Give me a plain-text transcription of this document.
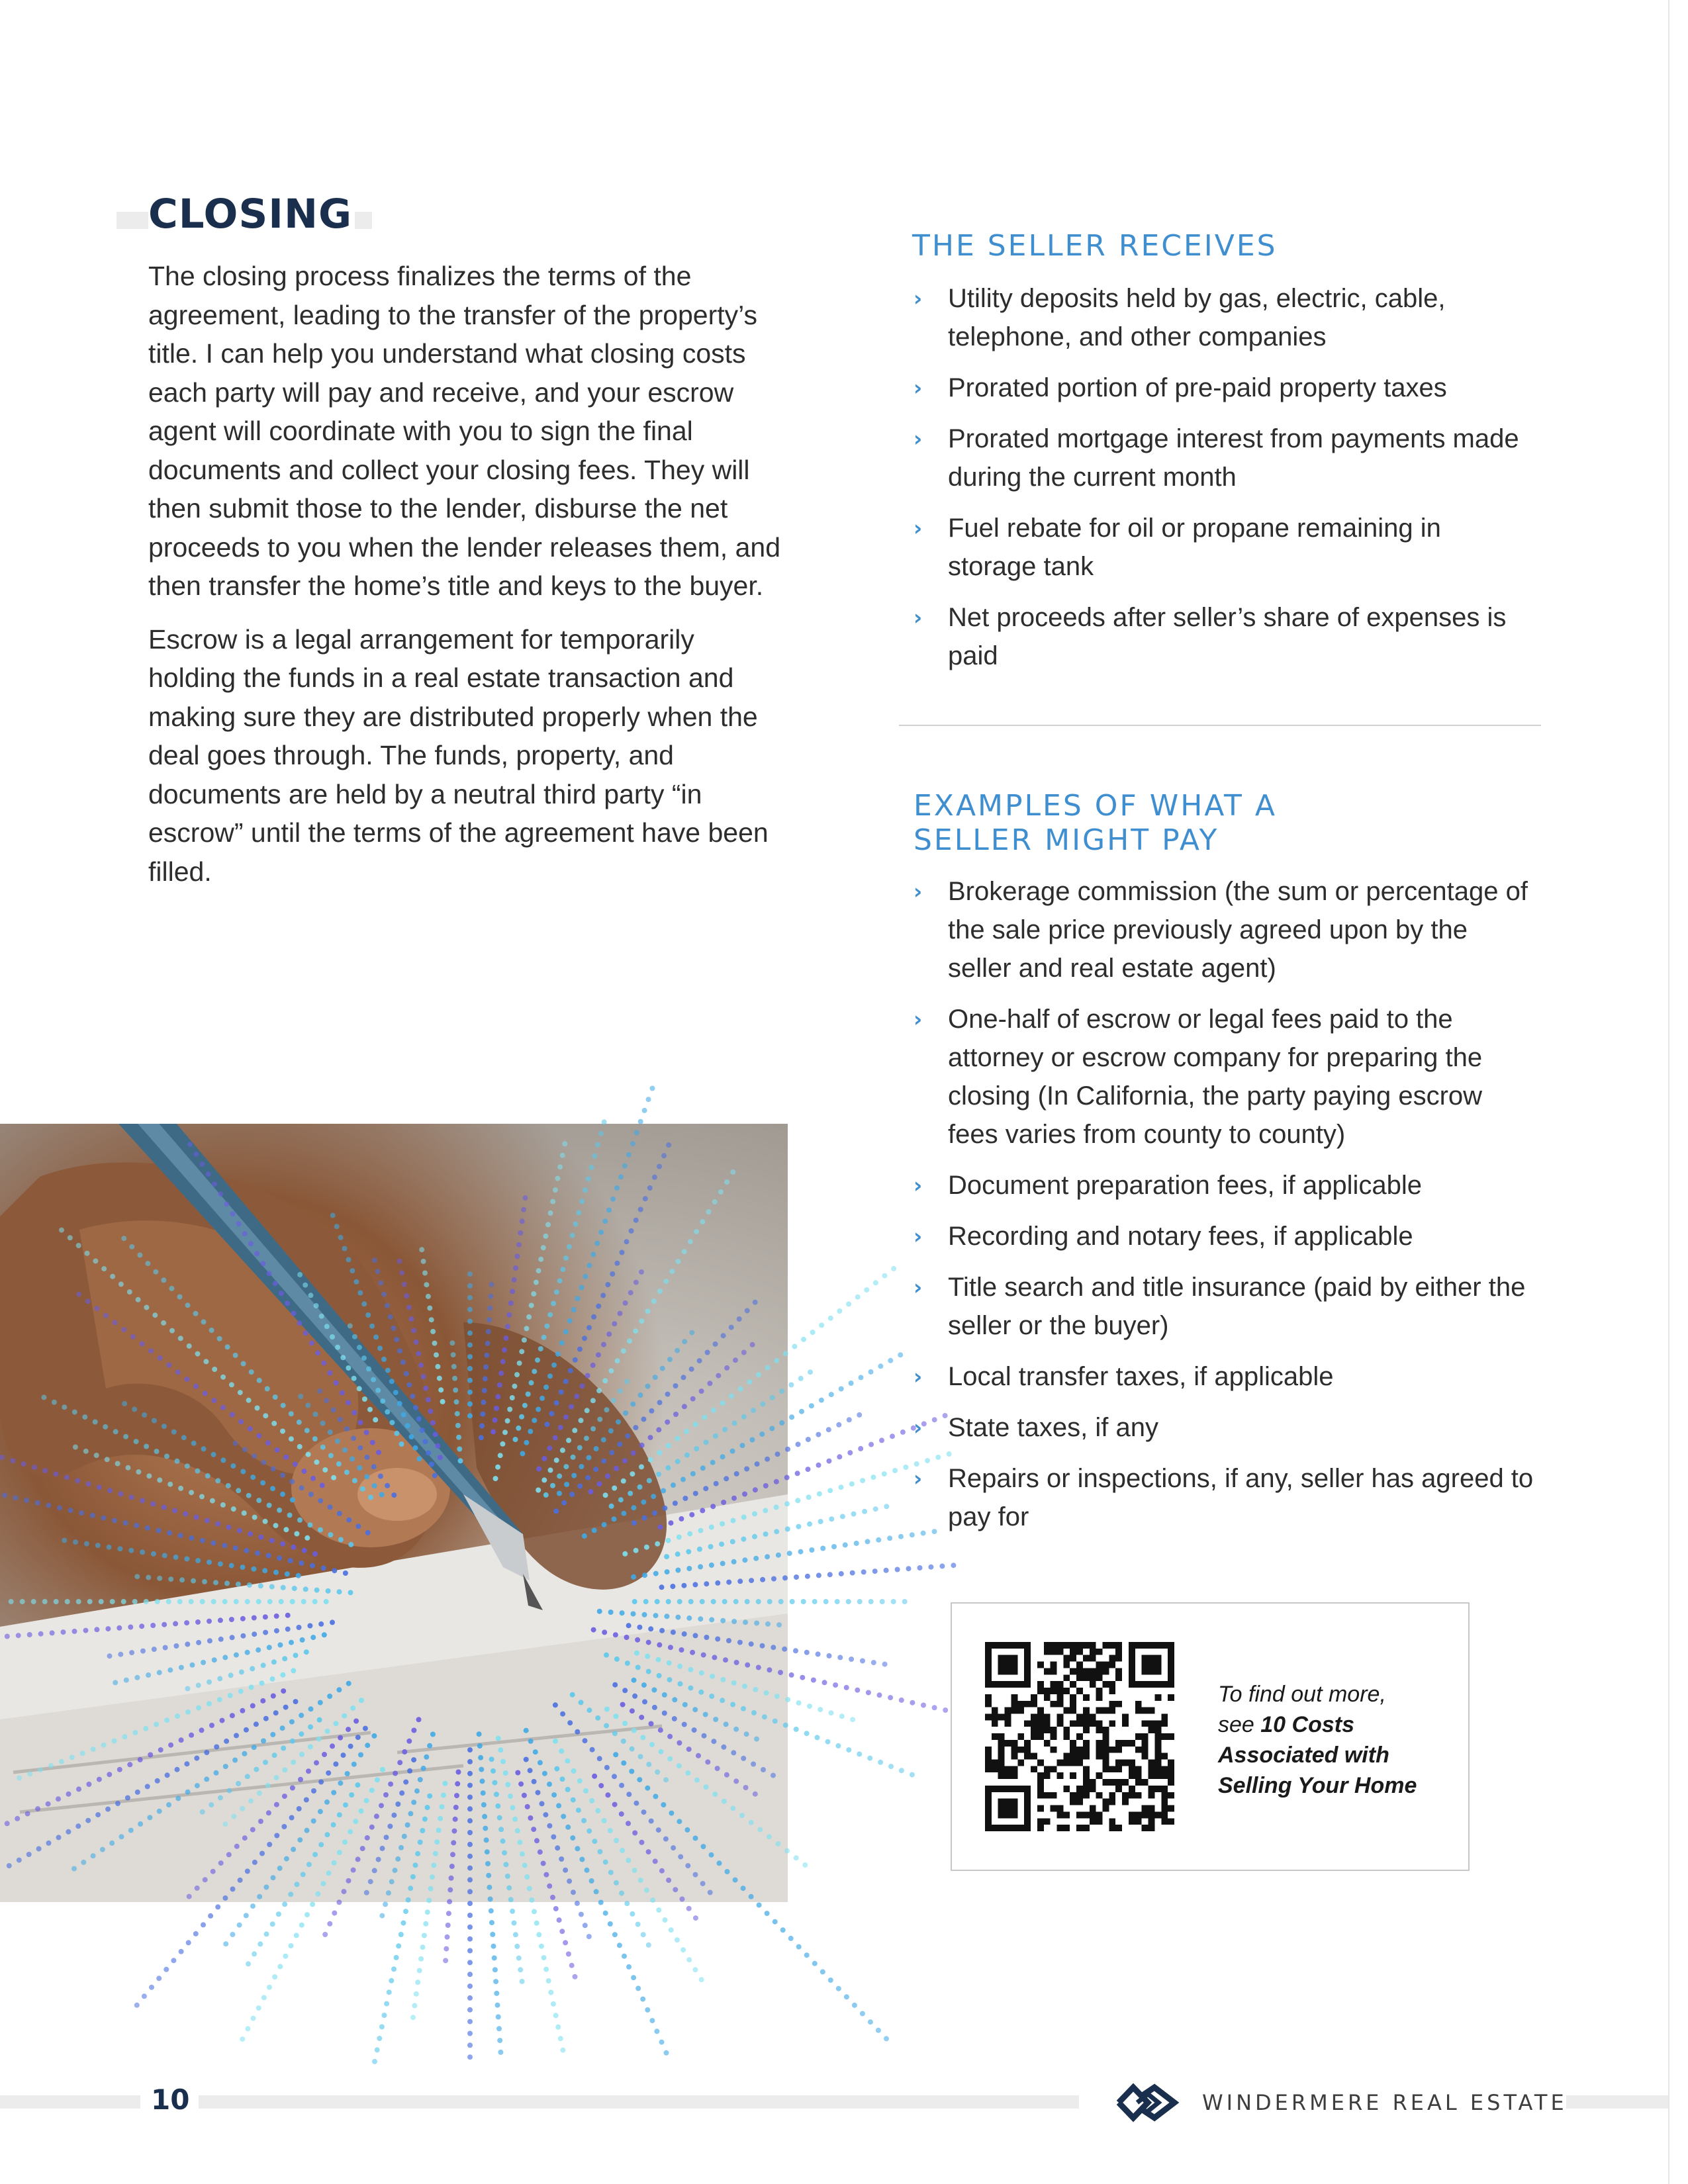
CLOSING

The closing process finalizes the terms of the agreement, leading to the transfer of the property’s title. I can help you understand what closing costs each party will pay and receive, and your escrow agent will coordinate with you to sign the final documents and collect your closing fees. They will then submit those to the lender, disburse the net proceeds to you when the lender releases them, and then transfer the home’s title and keys to the buyer.

Escrow is a legal arrangement for temporarily holding the funds in a real estate transaction and making sure they are distributed properly when the deal goes through. The funds, property, and documents are held by a neutral third party “in escrow” until the terms of the agreement have been filled.

THE SELLER RECEIVES
› Utility deposits held by gas, electric, cable, telephone, and other companies
› Prorated portion of pre-paid property taxes
› Prorated mortgage interest from payments made during the current month
› Fuel rebate for oil or propane remaining in storage tank
› Net proceeds after seller’s share of expenses is paid
EXAMPLES OF WHAT A
SELLER MIGHT PAY
› Brokerage commission (the sum or percentage of the sale price previously agreed upon by the seller and real estate agent)
› One-half of escrow or legal fees paid to the attorney or escrow company for preparing the closing (In California, the party paying escrow fees varies from county to county)
› Document preparation fees, if applicable
› Recording and notary fees, if applicable
› Title search and title insurance (paid by either the seller or the buyer)
› Local transfer taxes, if applicable
› State taxes, if any
› Repairs or inspections, if any, seller has agreed to pay for
To find out more,
see 10 Costs
Associated with
Selling Your Home
10	WINDERMERE REAL ESTATE
